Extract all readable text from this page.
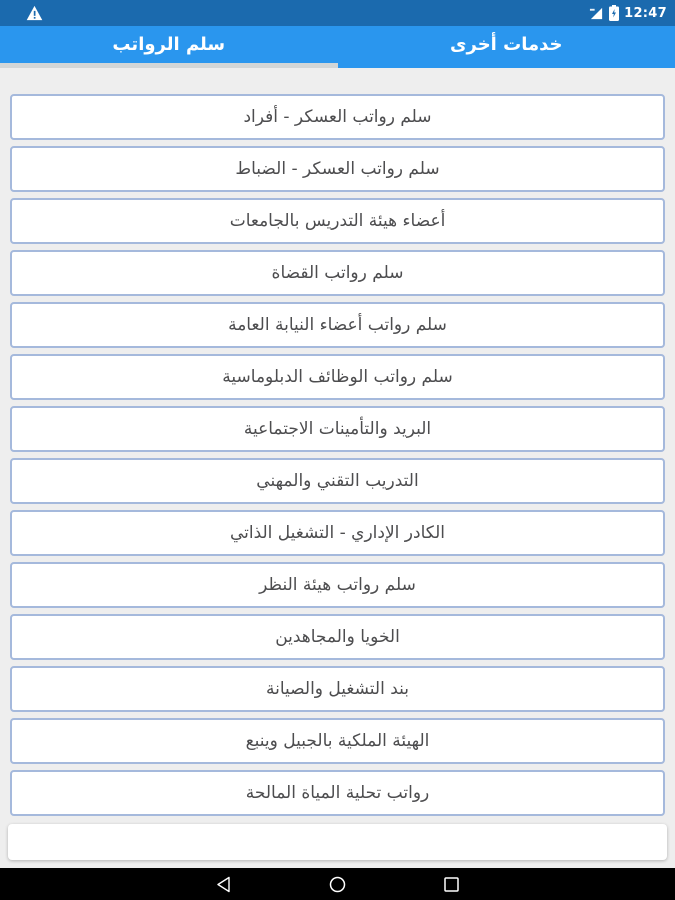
12:47
سلم الرواتب	خدمات أخرى
سلم رواتب العسكر - أفراد
سلم رواتب العسكر - الضباط
أعضاء هيئة التدريس بالجامعات
سلم رواتب القضاة
سلم رواتب أعضاء النيابة العامة
سلم رواتب الوظائف الدبلوماسية
البريد والتأمينات الاجتماعية
التدريب التقني والمهني
الكادر الإداري - التشغيل الذاتي
سلم رواتب هيئة النظر
الخويا والمجاهدين
بند التشغيل والصيانة
الهيئة الملكية بالجبيل وينبع
رواتب تحلية المياة المالحة
